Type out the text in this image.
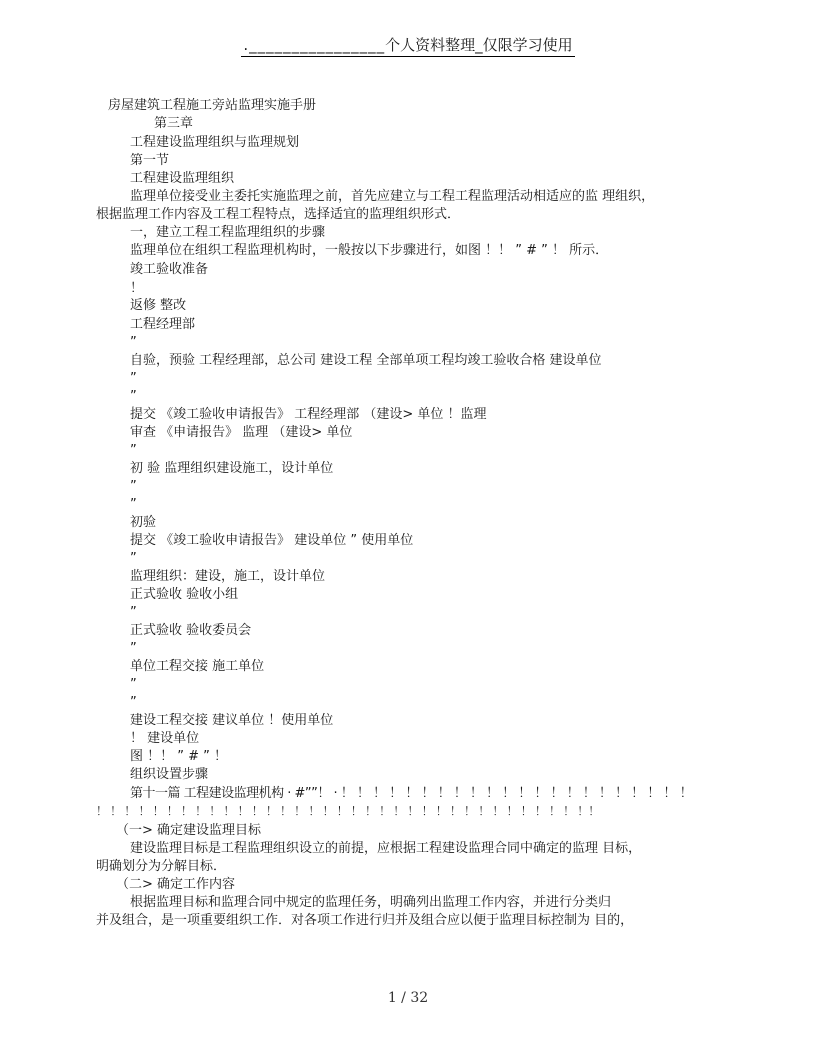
.________________个人资料整理_仅限学习使用
房屋建筑工程施工旁站监理实施手册
第三章
工程建设监理组织与监理规划
第一节
工程建设监理组织
监理单位接受业主委托实施监理之前，首先应建立与工程工程监理活动相适应的监 理组织，
根据监理工作内容及工程工程特点，选择适宜的监理组织形式．
一，建立工程工程监理组织的步骤
监理单位在组织工程监理机构时，一般按以下步骤进行，如图 ！！ ” # ” ！ 所示．
竣工验收准备
！
返修 整改
工程经理部
”
自验，预验 工程经理部，总公司 建设工程 全部单项工程均竣工验收合格 建设单位
”
”
提交 《竣工验收申请报告》 工程经理部 （建设> 单位 ！监理
审查 《申请报告》 监理 （建设> 单位
”
初 验 监理组织建设施工，设计单位
”
”
初验
提交 《竣工验收申请报告》 建设单位 ” 使用单位
”
监理组织：建设，施工，设计单位
正式验收 验收小组
”
正式验收 验收委员会
”
单位工程交接 施工单位
”
”
建设工程交接 建议单位 ！使用单位
！ 建设单位
图 ！！ ” # ” ！
组织设置步骤
第十一篇 工程建设监理机构 · #””！ · ！ ！ ！ ！ ！ ！ ！ ！ ！ ！ ！ ！ ！ ！ ！ ！ ！ ！ ！ ！ ！ ！
！ ！ ！ ！ ！ ！ ！ ！ ！ ！ ！ ！ ！ ！ ！ ！ ！ ！ ！ ！ ！ ！ ！ ！ ！ ！ ！ ！ ！ ！ ！ ！ ！ ！ ！！
（一> 确定建设监理目标
建设监理目标是工程监理组织设立的前提，应根据工程建设监理合同中确定的监理 目标，
明确划分为分解目标．
（二> 确定工作内容
根据监理目标和监理合同中规定的监理任务，明确列出监理工作内容，并进行分类归
并及组合，是一项重要组织工作．对各项工作进行归并及组合应以便于监理目标控制为 目的，
1 / 32
